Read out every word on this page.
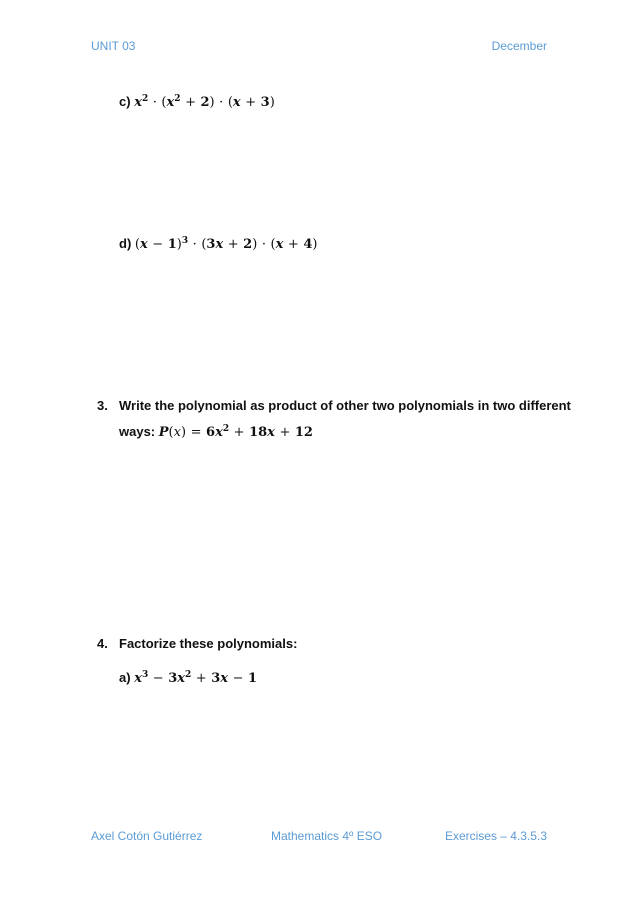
UNIT 03	December
c) $x^2 \cdot (x^2 + 2) \cdot (x + 3)$
d) $(x - 1)^3 \cdot (3x + 2) \cdot (x + 4)$
3. Write the polynomial as product of other two polynomials in two different
ways: $P(x) = 6x^2 + 18x + 12$
4. Factorize these polynomials:
a) $x^3 - 3x^2 + 3x - 1$
Axel Cotón Gutiérrez	Mathematics 4º ESO	Exercises – 4.3.5.3
